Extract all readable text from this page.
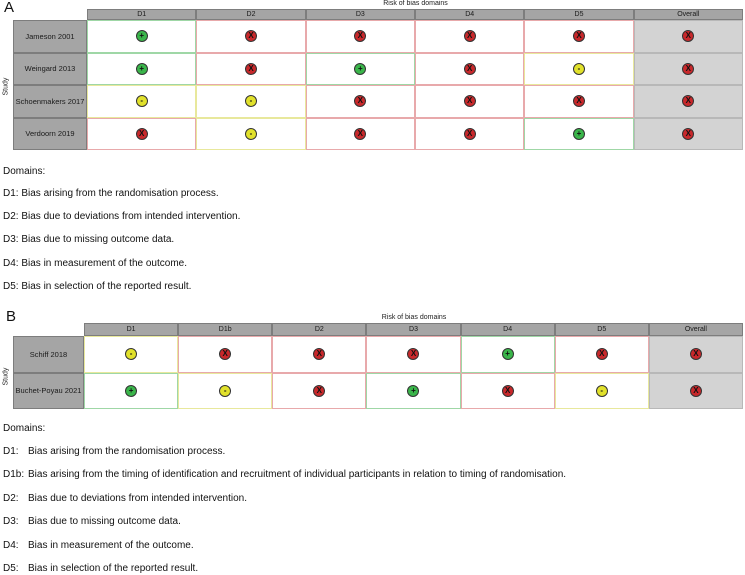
A	Risk of bias domains
Study
D1	D2	D3	D4	D5	Overall
Jameson 2001	+	X	X	X	X	X
Weingard 2013	+	X	+	X	-	X
Schoenmakers 2017	-	-	X	X	X	X
Verdoorn 2019	X	-	X	X	+	X
Domains:
D1: Bias arising from the randomisation process.
D2: Bias due to deviations from intended intervention.
D3: Bias due to missing outcome data.
D4: Bias in measurement of the outcome.
D5: Bias in selection of the reported result.
B	Risk of bias domains
Study
D1	D1b	D2	D3	D4	D5	Overall
Schiff 2018	-	X	X	X	+	X	X
Buchet-Poyau 2021	+	-	X	+	X	-	X
Domains:
D1: Bias arising from the randomisation process.
D1b: Bias arising from the timing of identification and recruitment of individual participants in relation to timing of randomisation.
D2: Bias due to deviations from intended intervention.
D3: Bias due to missing outcome data.
D4: Bias in measurement of the outcome.
D5: Bias in selection of the reported result.
